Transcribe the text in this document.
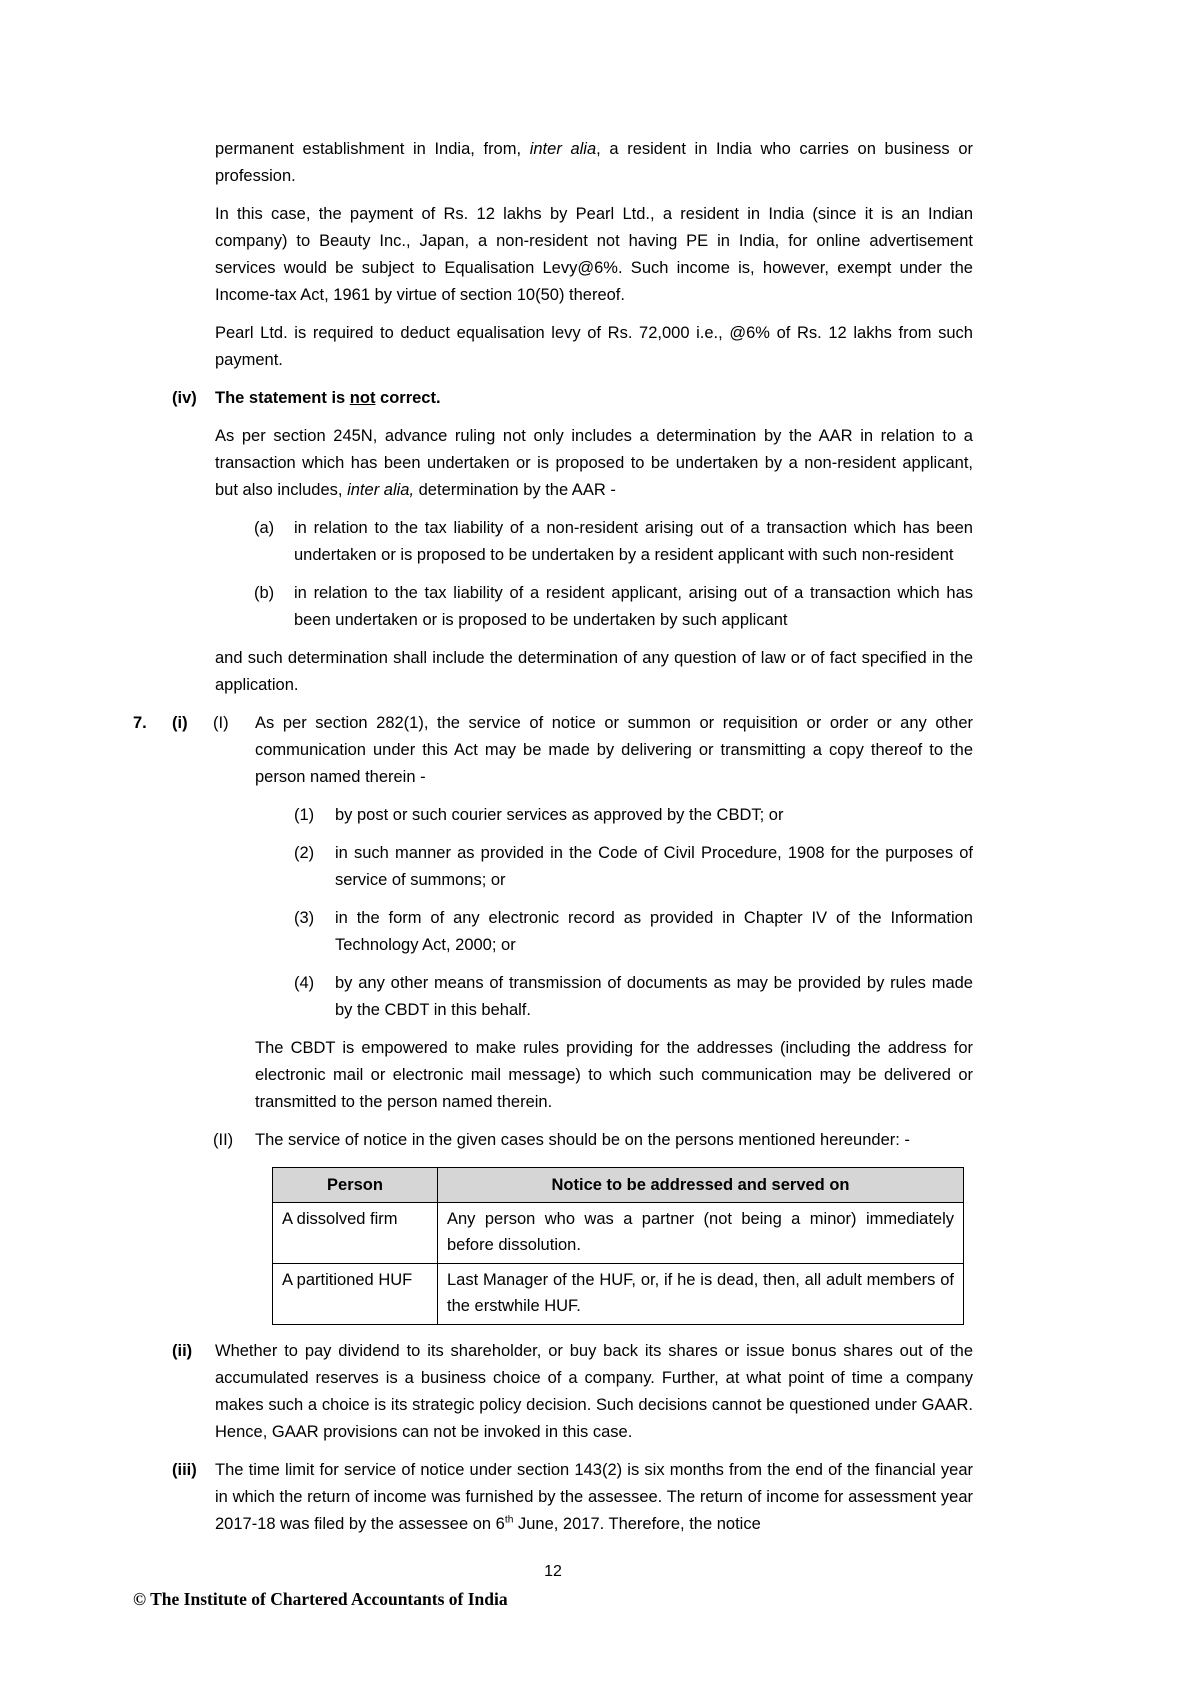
permanent establishment in India, from, inter alia, a resident in India who carries on business or profession.
In this case, the payment of Rs. 12 lakhs by Pearl Ltd., a resident in India (since it is an Indian company) to Beauty Inc., Japan, a non-resident not having PE in India, for online advertisement services would be subject to Equalisation Levy@6%. Such income is, however, exempt under the Income-tax Act, 1961 by virtue of section 10(50) thereof.
Pearl Ltd. is required to deduct equalisation levy of Rs. 72,000 i.e., @6% of Rs. 12 lakhs from such payment.
(iv) The statement is not correct.
As per section 245N, advance ruling not only includes a determination by the AAR in relation to a transaction which has been undertaken or is proposed to be undertaken by a non-resident applicant, but also includes, inter alia, determination by the AAR -
(a) in relation to the tax liability of a non-resident arising out of a transaction which has been undertaken or is proposed to be undertaken by a resident applicant with such non-resident
(b) in relation to the tax liability of a resident applicant, arising out of a transaction which has been undertaken or is proposed to be undertaken by such applicant
and such determination shall include the determination of any question of law or of fact specified in the application.
7. (i) (I) As per section 282(1), the service of notice or summon or requisition or order or any other communication under this Act may be made by delivering or transmitting a copy thereof to the person named therein -
(1) by post or such courier services as approved by the CBDT; or
(2) in such manner as provided in the Code of Civil Procedure, 1908 for the purposes of service of summons; or
(3) in the form of any electronic record as provided in Chapter IV of the Information Technology Act, 2000; or
(4) by any other means of transmission of documents as may be provided by rules made by the CBDT in this behalf.
The CBDT is empowered to make rules providing for the addresses (including the address for electronic mail or electronic mail message) to which such communication may be delivered or transmitted to the person named therein.
(II) The service of notice in the given cases should be on the persons mentioned hereunder: -
Person	Notice to be addressed and served on
A dissolved firm	Any person who was a partner (not being a minor) immediately before dissolution.
A partitioned HUF	Last Manager of the HUF, or, if he is dead, then, all adult members of the erstwhile HUF.
(ii) Whether to pay dividend to its shareholder, or buy back its shares or issue bonus shares out of the accumulated reserves is a business choice of a company. Further, at what point of time a company makes such a choice is its strategic policy decision. Such decisions cannot be questioned under GAAR. Hence, GAAR provisions can not be invoked in this case.
(iii) The time limit for service of notice under section 143(2) is six months from the end of the financial year in which the return of income was furnished by the assessee. The return of income for assessment year 2017-18 was filed by the assessee on 6th June, 2017. Therefore, the notice
12
© The Institute of Chartered Accountants of India
